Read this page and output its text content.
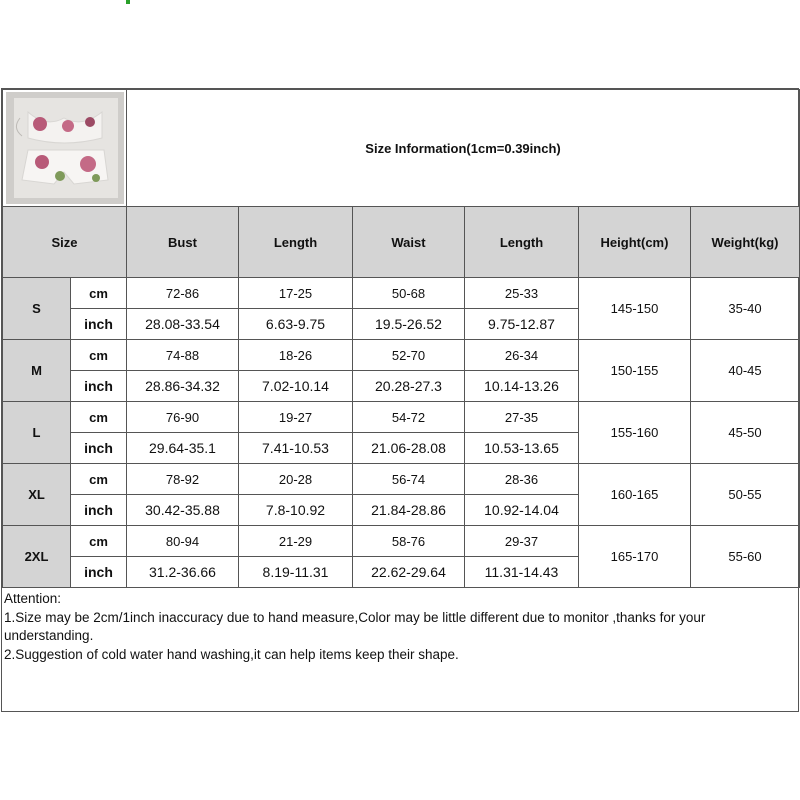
	Size Information(1cm=0.39inch)					
Size		Bust	Length	Waist	Length	Height(cm)	Weight(kg)
S	cm	72-86	17-25	50-68	25-33	145-150	35-40
	inch	28.08-33.54	6.63-9.75	19.5-26.52	9.75-12.87		
M	cm	74-88	18-26	52-70	26-34	150-155	40-45
	inch	28.86-34.32	7.02-10.14	20.28-27.3	10.14-13.26		
L	cm	76-90	19-27	54-72	27-35	155-160	45-50
	inch	29.64-35.1	7.41-10.53	21.06-28.08	10.53-13.65		
XL	cm	78-92	20-28	56-74	28-36	160-165	50-55
	inch	30.42-35.88	7.8-10.92	21.84-28.86	10.92-14.04		
2XL	cm	80-94	21-29	58-76	29-37	165-170	55-60
	inch	31.2-36.66	8.19-11.31	22.62-29.64	11.31-14.43		
Attention:
1.Size may be 2cm/1inch inaccuracy due to hand measure,Color may be little different due to monitor ,thanks for your understanding.
2.Suggestion of cold water hand washing,it can help items keep their shape.
